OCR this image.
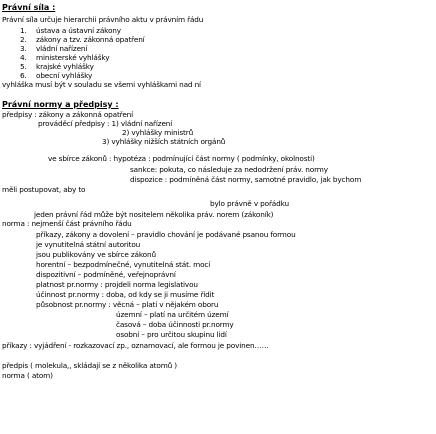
Právní síla :
Právní síla určuje hierarchii právního aktu v právním řádu
1. ústava a ústavní zákony
2. zákony a tzv. zákonná opatření
3. vládní nařízení
4. ministerské vyhlášky
5. krajské vyhlášky
6. obecní vyhlášky
vyhláška musí být v souladu se všemi vyhláškami nad ní
Právní normy a předpisy :
předpisy : zákony a zákonná opatření
prováděcí předpisy : 1) vládní nařízení
2) vyhlášky ministrů
3) vyhlášky nižších státních orgánů
ve sbírce zákonů : hypotéza : podmínující část normy ( podmínky, okolnosti)
sankce: pokuta, co následuje za nedodržení práv. normy
dispozice : podmíněná část normy, samotné pravidlo, jak bychom
měli postupovat, aby to
bylo právně v pořádku
jeden právní řád může být nositelem několika práv. norem (zákoník)
norma : nejmenší část právního řádu
příkazy, zákony a dovolení – pravidlo chování je podávané psanou formou
je vynutitelná státní autoritou
jsou publikovány ve sbírce zákonů
horentní – bezpodmínečné, vynutitelná stát. mocí
dispozitivní – podmíněné, veřejnoprávní
platnost pr.normy : projdeli norma legislativou
účinnost pr.normy : doba, od kdy se ji musíme řídit
působnost pr.normy : věcná – platí v nějakém oboru
územní – platí na určitém území
časová – doba účinnosti pr.normy
osobní – pro určitou skupinu lidí
příkazy : vyjádření - rozkazovací zp., oznamovací, ale formou je povinen……
předpis ( molekula,, skládají se z několika atomů )
norma ( atom)
